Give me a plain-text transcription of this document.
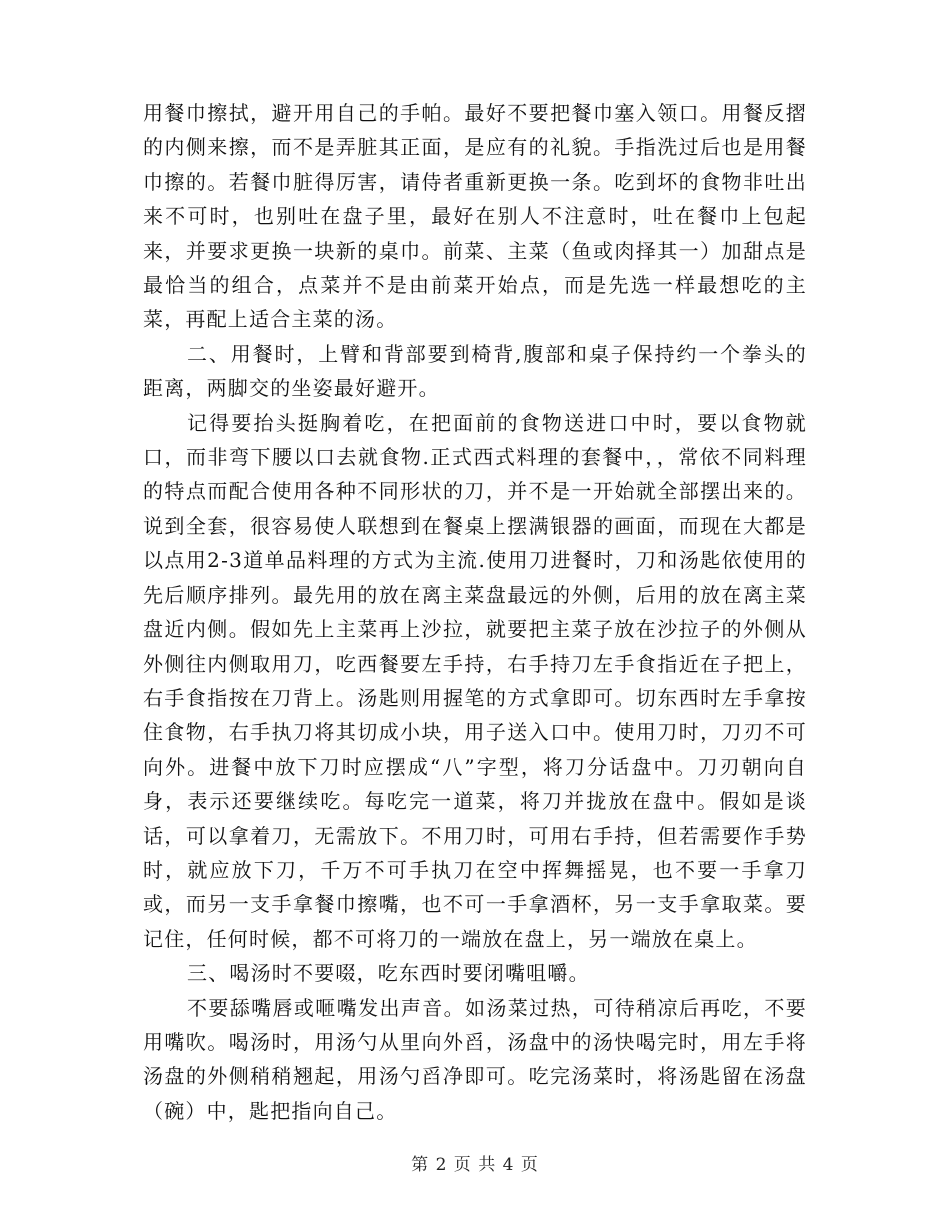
用餐巾擦拭，避开用自己的手帕。最好不要把餐巾塞入领口。用餐反摺的内侧来擦，而不是弄脏其正面，是应有的礼貌。手指洗过后也是用餐巾擦的。若餐巾脏得厉害，请侍者重新更换一条。吃到坏的食物非吐出来不可时，也别吐在盘子里，最好在别人不注意时，吐在餐巾上包起来，并要求更换一块新的桌巾。前菜、主菜（鱼或肉择其一）加甜点是最恰当的组合，点菜并不是由前菜开始点，而是先选一样最想吃的主菜，再配上适合主菜的汤。

二、用餐时，上臂和背部要到椅背,腹部和桌子保持约一个拳头的距离，两脚交的坐姿最好避开。

记得要抬头挺胸着吃，在把面前的食物送进口中时，要以食物就口，而非弯下腰以口去就食物.正式西式料理的套餐中，，常依不同料理的特点而配合使用各种不同形状的刀，并不是一开始就全部摆出来的。说到全套，很容易使人联想到在餐桌上摆满银器的画面，而现在大都是以点用2-3道单品料理的方式为主流.使用刀进餐时，刀和汤匙依使用的先后顺序排列。最先用的放在离主菜盘最远的外侧，后用的放在离主菜盘近内侧。假如先上主菜再上沙拉，就要把主菜子放在沙拉子的外侧从外侧往内侧取用刀，吃西餐要左手持，右手持刀左手食指近在子把上，右手食指按在刀背上。汤匙则用握笔的方式拿即可。切东西时左手拿按住食物，右手执刀将其切成小块，用子送入口中。使用刀时，刀刃不可向外。进餐中放下刀时应摆成“八”字型，将刀分话盘中。刀刃朝向自身，表示还要继续吃。每吃完一道菜，将刀并拢放在盘中。假如是谈话，可以拿着刀，无需放下。不用刀时，可用右手持，但若需要作手势时，就应放下刀，千万不可手执刀在空中挥舞摇晃，也不要一手拿刀或，而另一支手拿餐巾擦嘴，也不可一手拿酒杯，另一支手拿取菜。要记住，任何时候，都不可将刀的一端放在盘上，另一端放在桌上。

三、喝汤时不要啜，吃东西时要闭嘴咀嚼。

不要舔嘴唇或咂嘴发出声音。如汤菜过热，可待稍凉后再吃，不要用嘴吹。喝汤时，用汤勺从里向外舀，汤盘中的汤快喝完时，用左手将汤盘的外侧稍稍翘起，用汤勺舀净即可。吃完汤菜时，将汤匙留在汤盘（碗）中，匙把指向自己。

第 2 页 共 4 页
